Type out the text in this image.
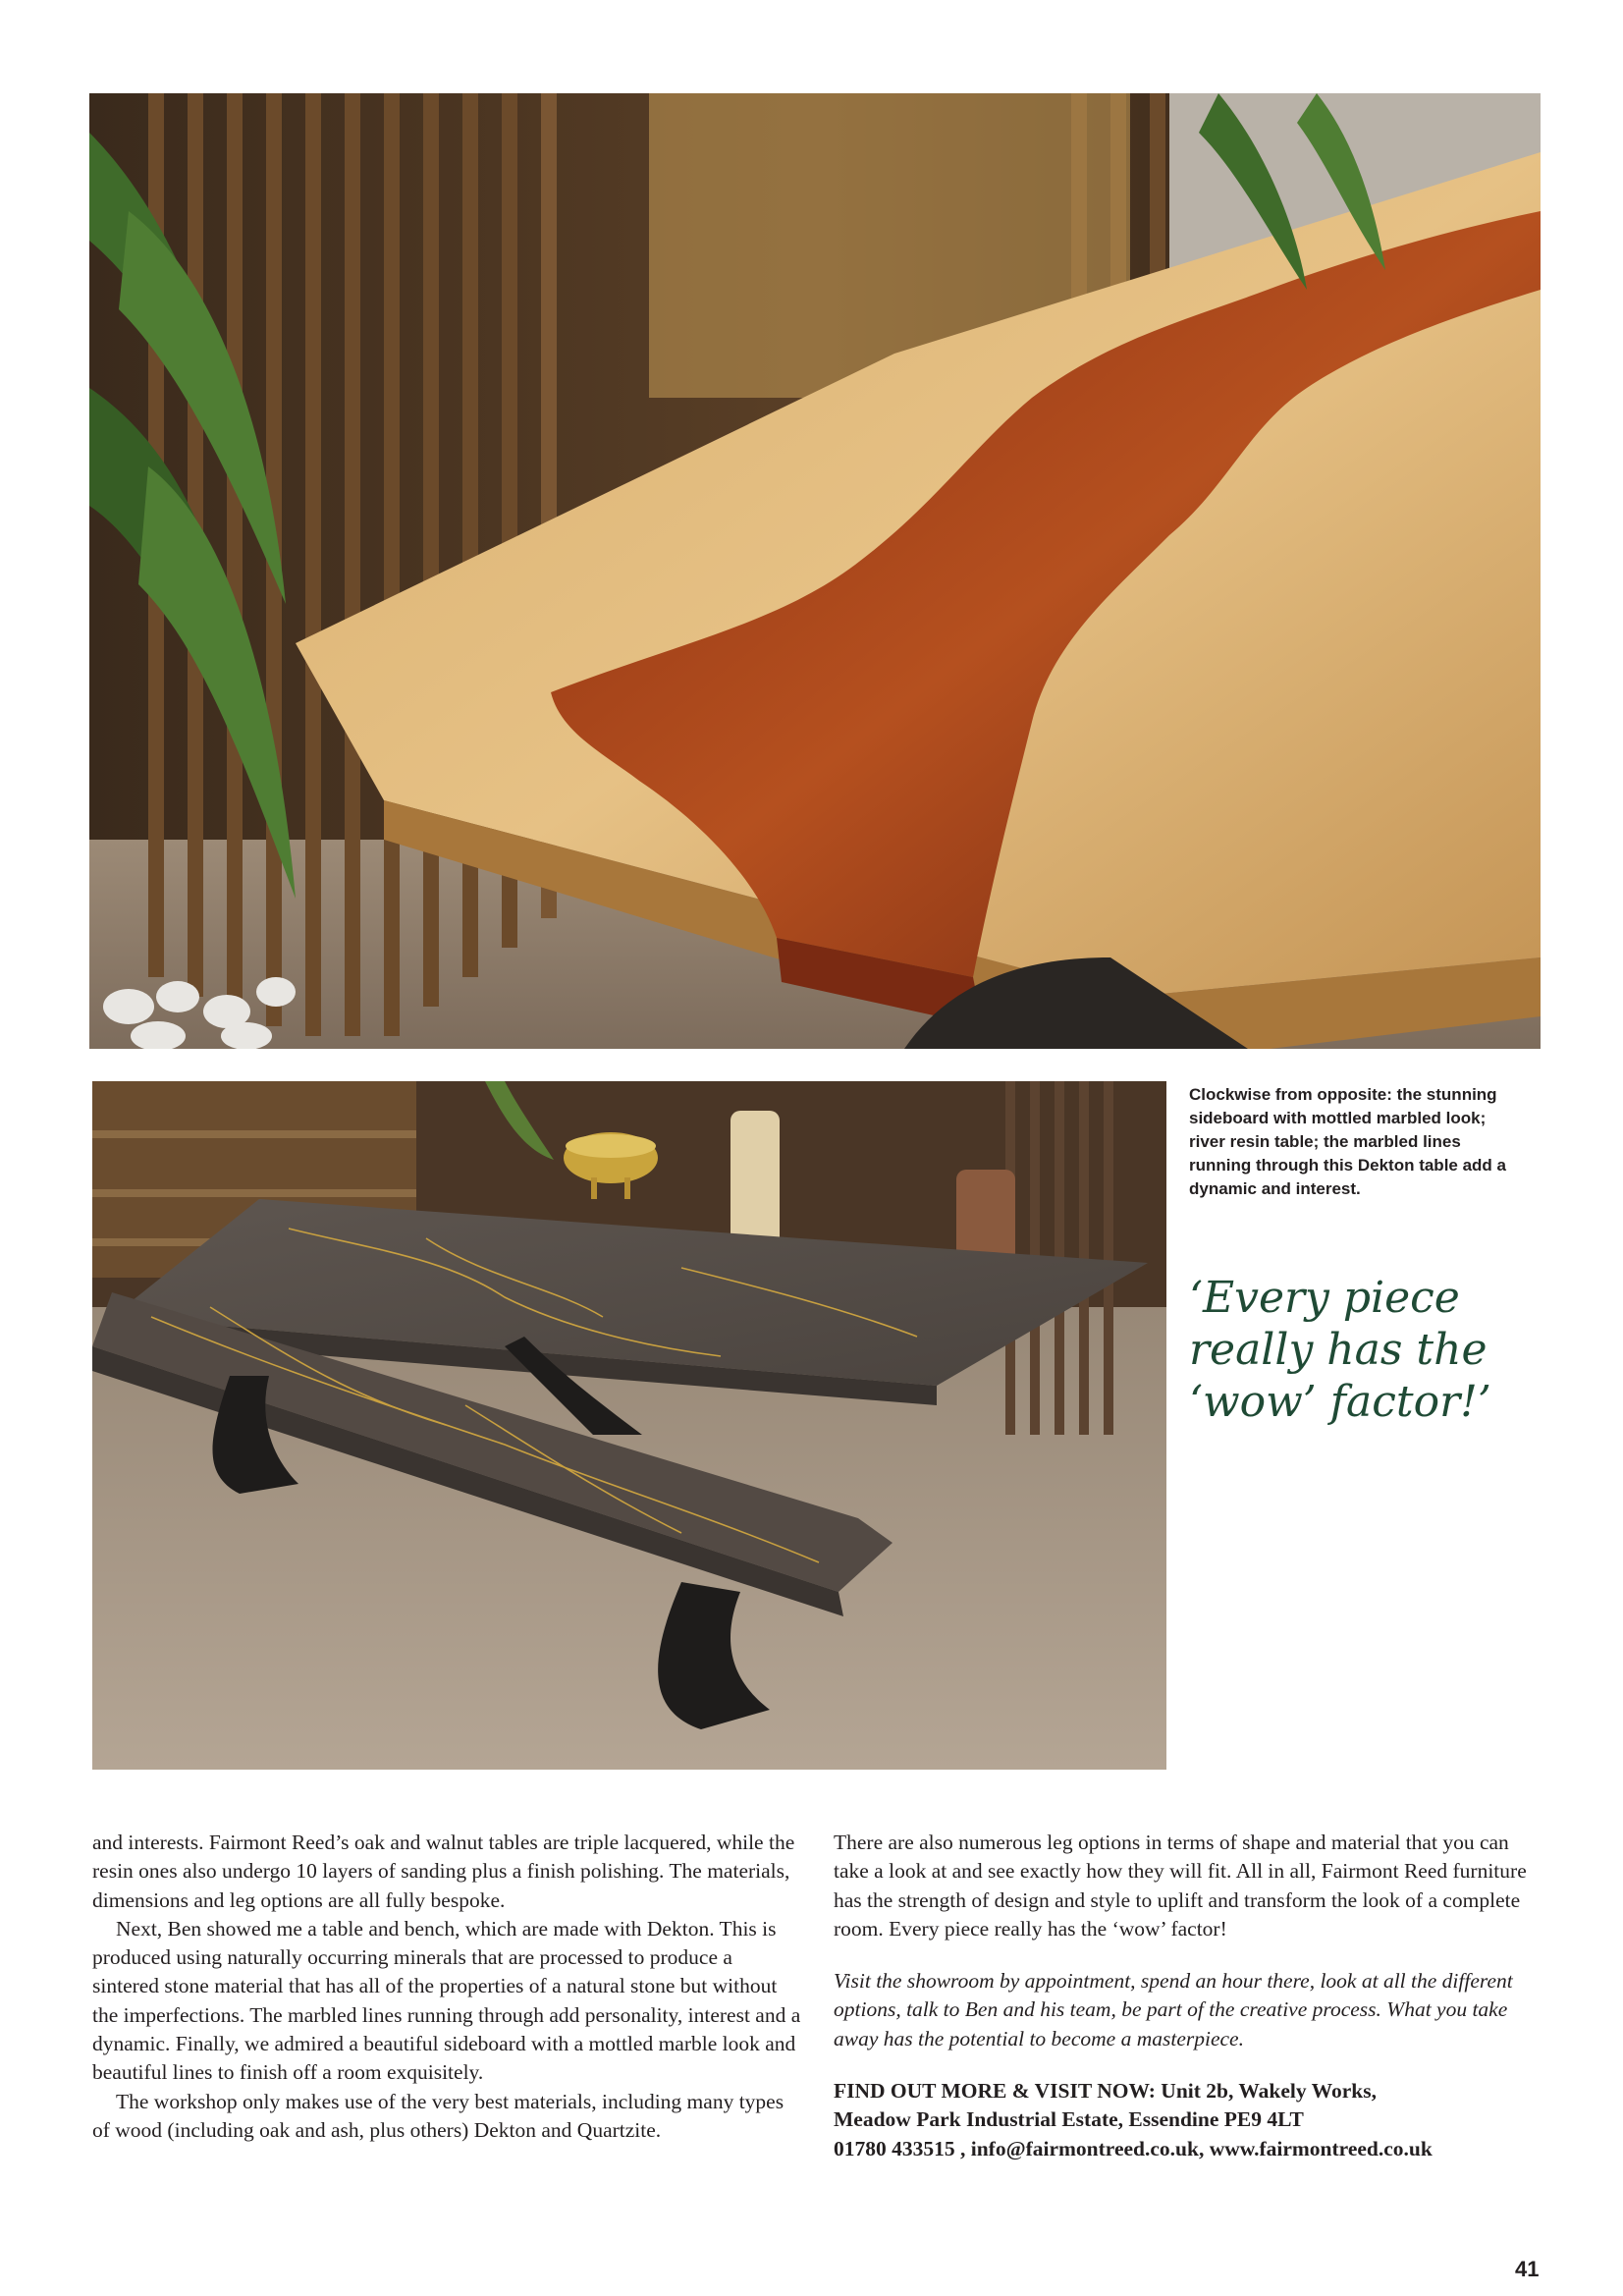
Clockwise from opposite: the stunning sideboard with mottled marbled look; river resin table; the marbled lines running through this Dekton table add a dynamic and interest.
‘Every piece
really has the
‘wow’ factor!’

and interests. Fairmont Reed’s oak and walnut tables are triple lacquered, while the resin ones also undergo 10 layers of sanding plus a finish polishing. The materials, dimensions and leg options are all fully bespoke.

Next, Ben showed me a table and bench, which are made with Dekton. This is produced using naturally occurring minerals that are processed to produce a sintered stone material that has all of the properties of a natural stone but without the imperfections. The marbled lines running through add personality, interest and a dynamic. Finally, we admired a beautiful sideboard with a mottled marble look and beautiful lines to finish off a room exquisitely.

The workshop only makes use of the very best materials, including many types of wood (including oak and ash, plus others) Dekton and Quartzite.

There are also numerous leg options in terms of shape and material that you can take a look at and see exactly how they will fit. All in all, Fairmont Reed furniture has the strength of design and style to uplift and transform the look of a complete room. Every piece really has the ‘wow’ factor!

Visit the showroom by appointment, spend an hour there, look at all the different options, talk to Ben and his team, be part of the creative process. What you take away has the potential to become a masterpiece.

FIND OUT MORE & VISIT NOW: Unit 2b, Wakely Works,
Meadow Park Industrial Estate, Essendine PE9 4LT
01780 433515 , info@fairmontreed.co.uk, www.fairmontreed.co.uk

41
